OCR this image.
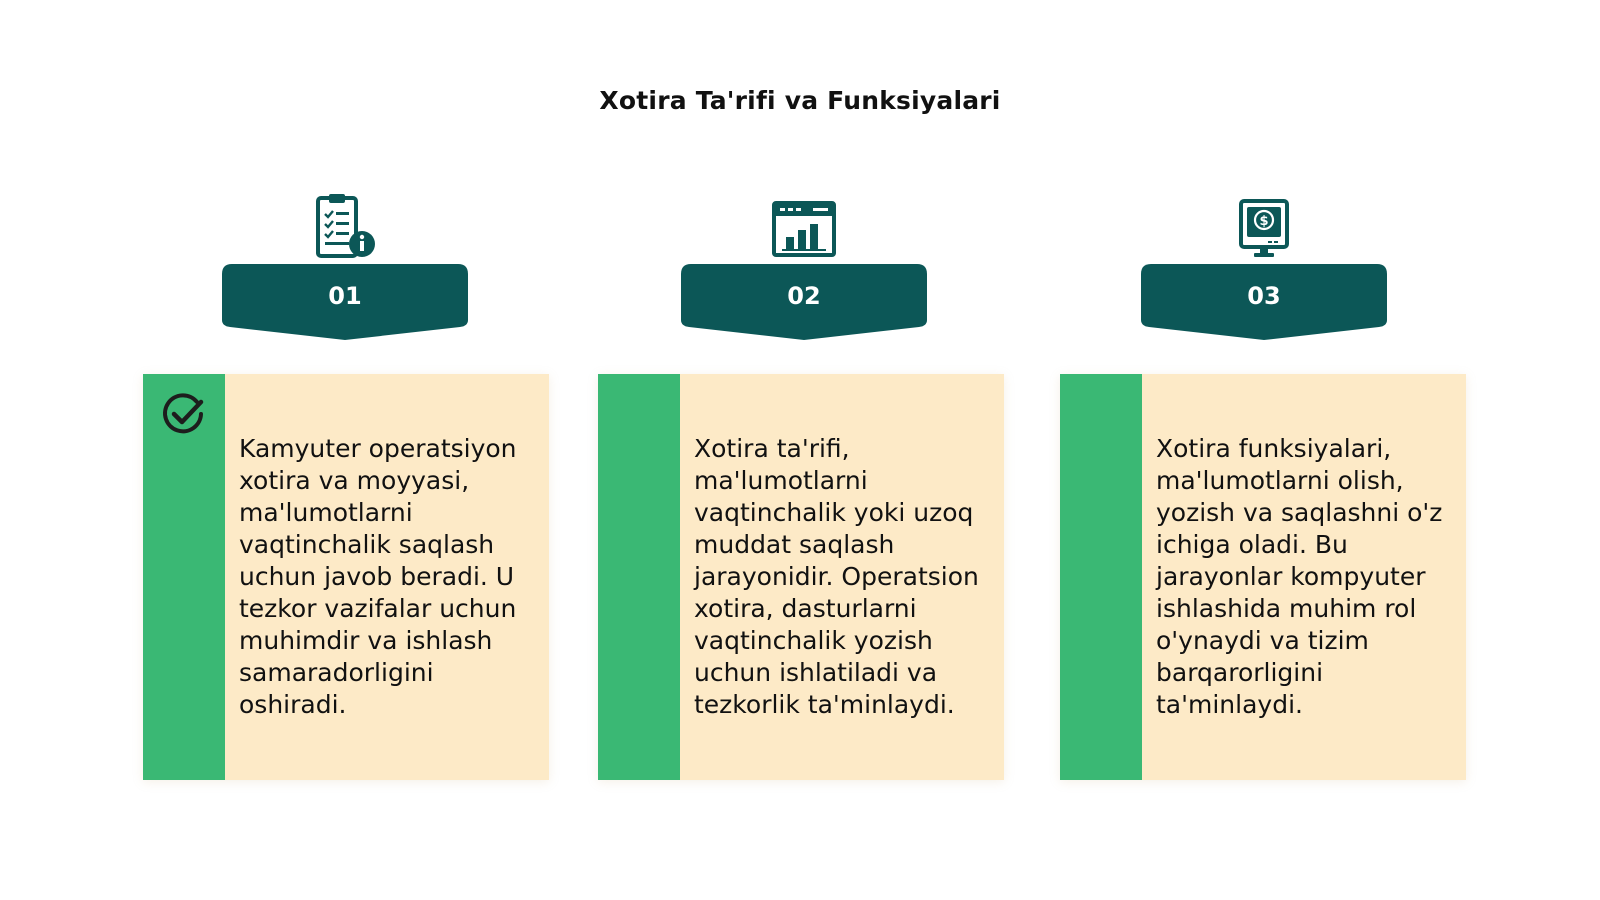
Xotira Ta'rifi va Funksiyalari
01	02
$
03
Kamyuter operatsiyon xotira va moyyasi, ma'lumotlarni vaqtinchalik saqlash uchun javob beradi. U tezkor vazifalar uchun muhimdir va ishlash samaradorligini oshiradi.
Xotira ta'rifi, ma'lumotlarni vaqtinchalik yoki uzoq muddat saqlash jarayonidir. Operatsion xotira, dasturlarni vaqtinchalik yozish uchun ishlatiladi va tezkorlik ta'minlaydi.
Xotira funksiyalari, ma'lumotlarni olish, yozish va saqlashni o'z ichiga oladi. Bu jarayonlar kompyuter ishlashida muhim rol o'ynaydi va tizim barqarorligini ta'minlaydi.
